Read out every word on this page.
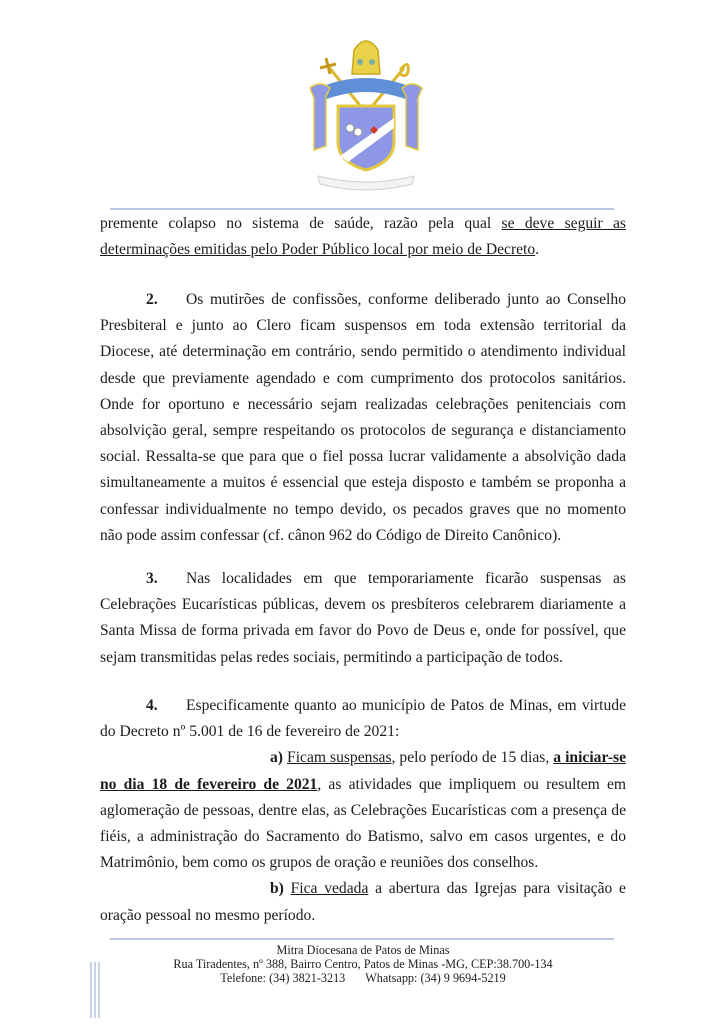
premente colapso no sistema de saúde, razão pela qual se deve seguir as determinações emitidas pelo Poder Público local por meio de Decreto.

2. Os mutirões de confissões, conforme deliberado junto ao Conselho Presbiteral e junto ao Clero ficam suspensos em toda extensão territorial da Diocese, até determinação em contrário, sendo permitido o atendimento individual desde que previamente agendado e com cumprimento dos protocolos sanitários. Onde for oportuno e necessário sejam realizadas celebrações penitenciais com absolvição geral, sempre respeitando os protocolos de segurança e distanciamento social. Ressalta-se que para que o fiel possa lucrar validamente a absolvição dada simultaneamente a muitos é essencial que esteja disposto e também se proponha a confessar individualmente no tempo devido, os pecados graves que no momento não pode assim confessar (cf. cânon 962 do Código de Direito Canônico).

3. Nas localidades em que temporariamente ficarão suspensas as Celebrações Eucarísticas públicas, devem os presbíteros celebrarem diariamente a Santa Missa de forma privada em favor do Povo de Deus e, onde for possível, que sejam transmitidas pelas redes sociais, permitindo a participação de todos.

4. Especificamente quanto ao município de Patos de Minas, em virtude do Decreto nº 5.001 de 16 de fevereiro de 2021:

a) Ficam suspensas, pelo período de 15 dias, a iniciar-se no dia 18 de fevereiro de 2021, as atividades que impliquem ou resultem em aglomeração de pessoas, dentre elas, as Celebrações Eucarísticas com a presença de fiéis, a administração do Sacramento do Batismo, salvo em casos urgentes, e do Matrimônio, bem como os grupos de oração e reuniões dos conselhos.

b) Fica vedada a abertura das Igrejas para visitação e oração pessoal no mesmo período.

Mitra Diocesana de Patos de Minas
Rua Tiradentes, nº 388, Bairro Centro, Patos de Minas -MG, CEP:38.700-134
Telefone: (34) 3821-3213 Whatsapp: (34) 9 9694-5219
